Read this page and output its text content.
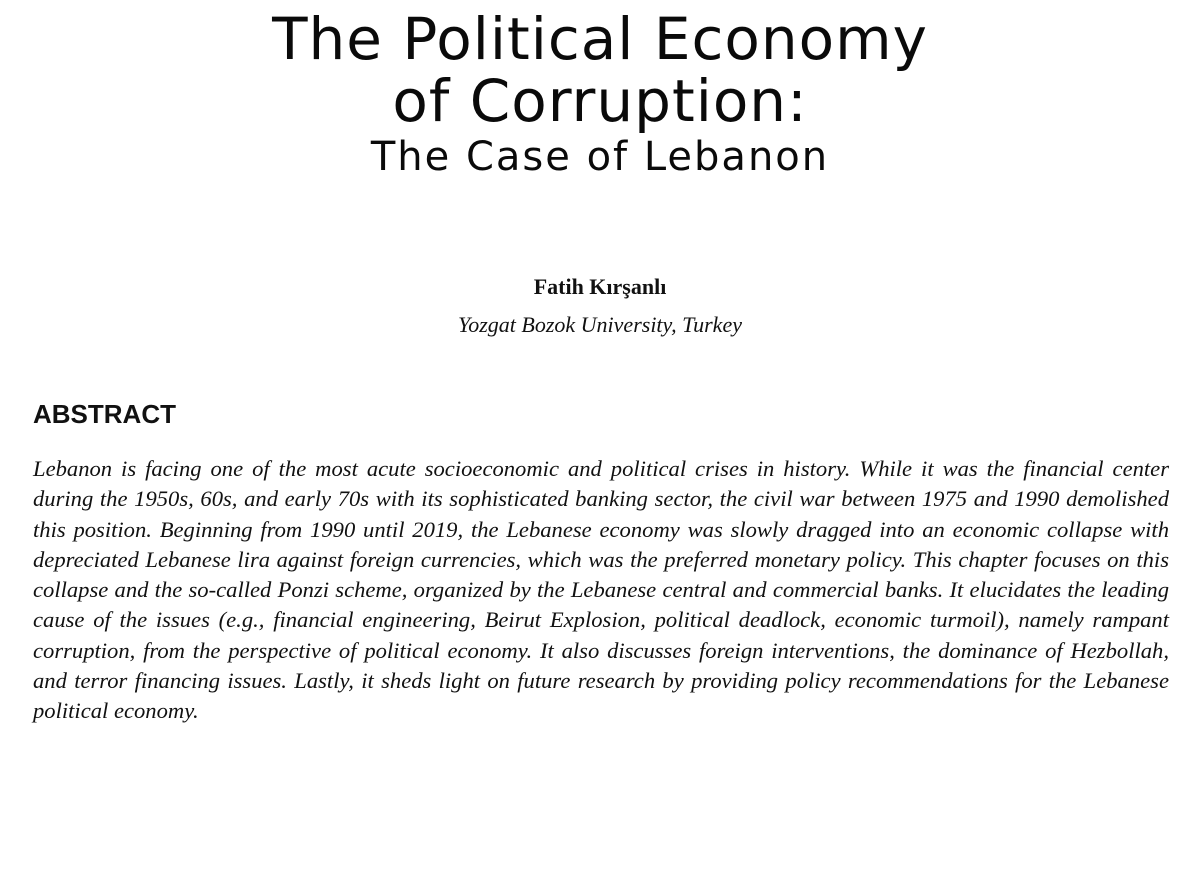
The Political Economy
of Corruption:
The Case of Lebanon
Fatih Kırşanlı
Yozgat Bozok University, Turkey
ABSTRACT

Lebanon is facing one of the most acute socioeconomic and political crises in history. While it was the financial center during the 1950s, 60s, and early 70s with its sophisticated banking sector, the civil war between 1975 and 1990 demolished this position. Beginning from 1990 until 2019, the Lebanese economy was slowly dragged into an economic collapse with depreciated Lebanese lira against foreign currencies, which was the preferred monetary policy. This chapter focuses on this collapse and the so-called Ponzi scheme, organized by the Lebanese central and commercial banks. It elucidates the leading cause of the issues (e.g., financial engineering, Beirut Explosion, political deadlock, economic turmoil), namely rampant corruption, from the perspective of political economy. It also discusses foreign interventions, the dominance of Hezbollah, and terror financing issues. Lastly, it sheds light on future research by providing policy recommendations for the Lebanese political economy.
